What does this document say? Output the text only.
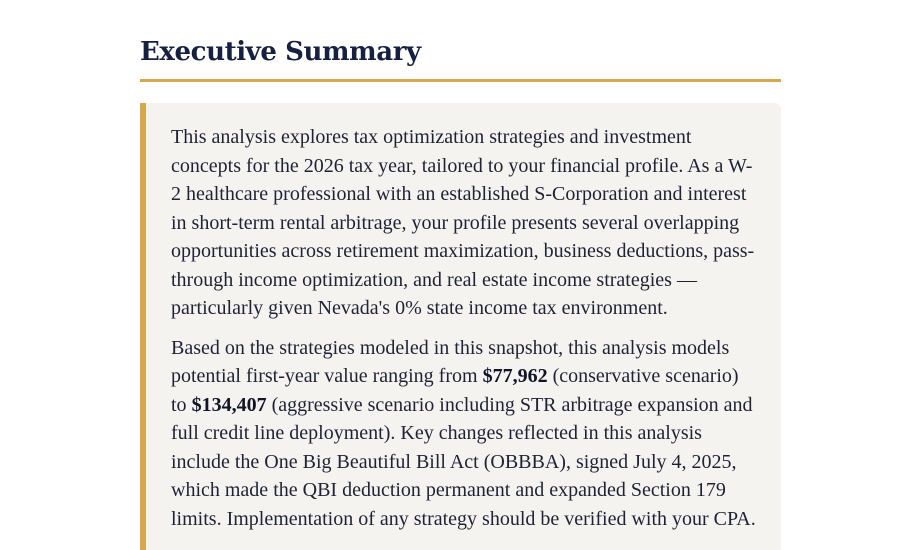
Executive Summary

This analysis explores tax optimization strategies and investment concepts for the 2026 tax year, tailored to your financial profile. As a W-2 healthcare professional with an established S-Corporation and interest in short-term rental arbitrage, your profile presents several overlapping opportunities across retirement maximization, business deductions, pass-through income optimization, and real estate income strategies — particularly given Nevada's 0% state income tax environment.

Based on the strategies modeled in this snapshot, this analysis models potential first-year value ranging from $77,962 (conservative scenario) to $134,407 (aggressive scenario including STR arbitrage expansion and full credit line deployment). Key changes reflected in this analysis include the One Big Beautiful Bill Act (OBBBA), signed July 4, 2025, which made the QBI deduction permanent and expanded Section 179 limits. Implementation of any strategy should be verified with your CPA.
